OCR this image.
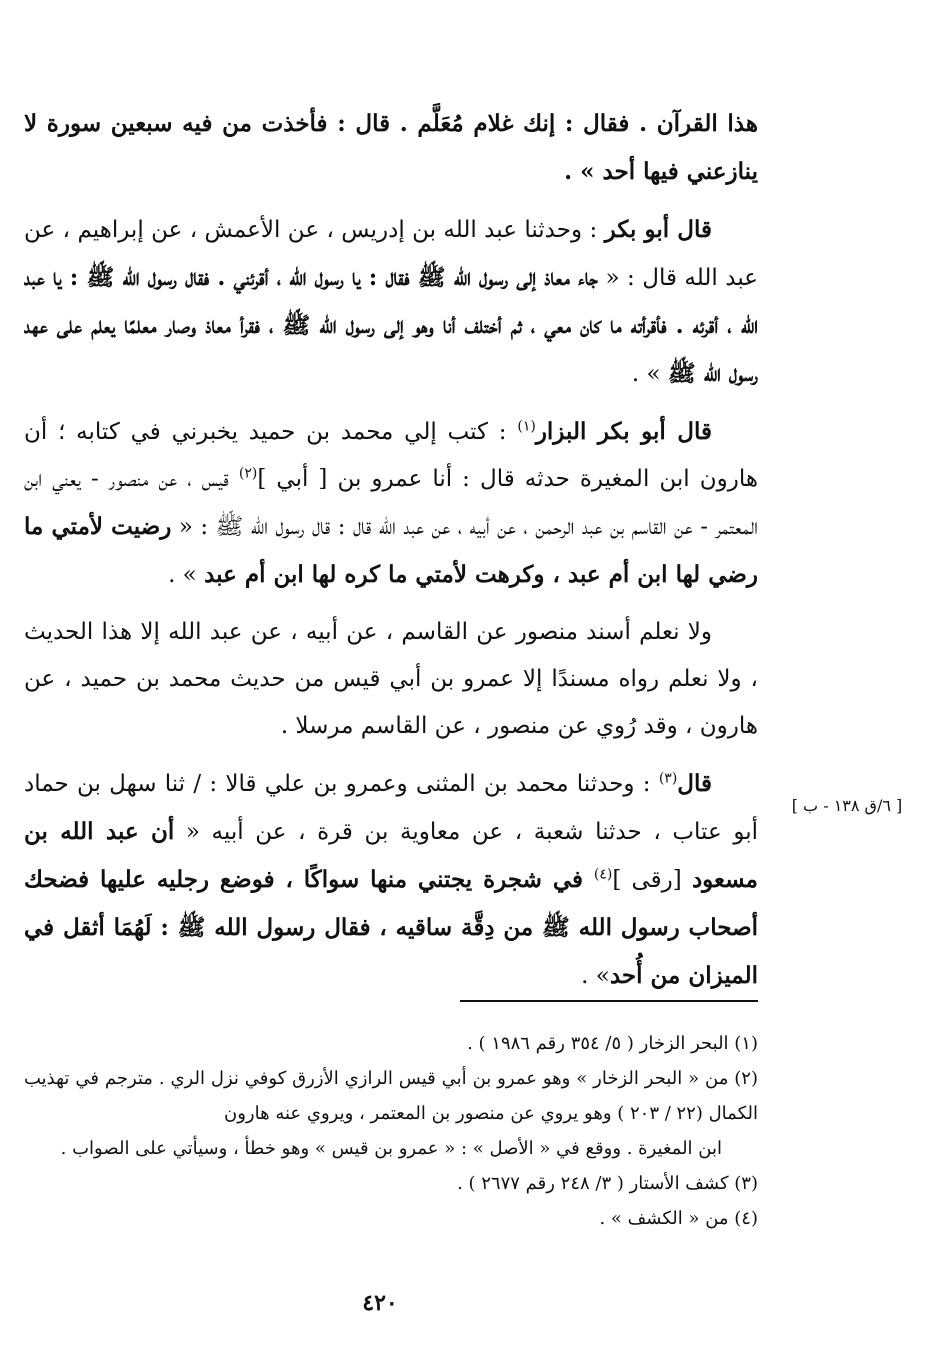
هذا القرآن . فقال : إنك غلام مُعَلَّم . قال : فأخذت من فيه سبعين سورة لا ينازعني فيها أحد » .

قال أبو بكر : وحدثنا عبد الله بن إدريس ، عن الأعمش ، عن إبراهيم ، عن عبد الله قال : « جاء معاذ إلى رسول الله ﷺ فقال : يا رسول الله ، أقرئني . فقال رسول الله ﷺ : يا عبد الله ، أقرئه . فأقرأته ما كان معي ، ثم أختلف أنا وهو إلى رسول الله ﷺ ، فقرأ معاذ وصار معلمًا يعلم على عهد رسول الله ﷺ » .

قال أبو بكر البزار$^{(١)}$ : كتب إلي محمد بن حميد يخبرني في كتابه ؛ أن هارون ابن المغيرة حدثه قال : أنا عمرو بن [ أبي ]$^{(٢)}$ قيس ، عن منصور - يعني ابن المعتمر - عن القاسم بن عبد الرحمن ، عن أبيه ، عن عبد الله قال : قال رسول الله ﷺ : « رضيت لأمتي ما رضي لها ابن أم عبد ، وكرهت لأمتي ما كره لها ابن أم عبد » .

ولا نعلم أسند منصور عن القاسم ، عن أبيه ، عن عبد الله إلا هذا الحديث ، ولا نعلم رواه مسندًا إلا عمرو بن أبي قيس من حديث محمد بن حميد ، عن هارون ، وقد رُوي عن منصور ، عن القاسم مرسلا .

قال$^{(٣)}$ : وحدثنا محمد بن المثنى وعمرو بن علي قالا : / ثنا سهل بن حماد أبو عتاب ، حدثنا شعبة ، عن معاوية بن قرة ، عن أبيه « أن عبد الله بن مسعود [رقى ]$^{(٤)}$ في شجرة يجتني منها سواكًا ، فوضع رجليه عليها فضحك أصحاب رسول الله ﷺ من دِقَّة ساقيه ، فقال رسول الله ﷺ : لَهُمَا أثقل في الميزان من أُحد» .

[ ٦/ق ١٣٨ - ب ]

(١) البحر الزخار ( ٥/ ٣٥٤ رقم ١٩٨٦ ) .

(٢) من « البحر الزخار » وهو عمرو بن أبي قيس الرازي الأزرق كوفي نزل الري . مترجم في تهذيب الكمال (٢٢ / ٢٠٣ ) وهو يروي عن منصور بن المعتمر ، ويروي عنه هارون

ابن المغيرة . ووقع في « الأصل » : « عمرو بن قيس » وهو خطأ ، وسيأتي على الصواب .

(٣) كشف الأستار ( ٣/ ٢٤٨ رقم ٢٦٧٧ ) .

(٤) من « الكشف » .

٤٢٠
